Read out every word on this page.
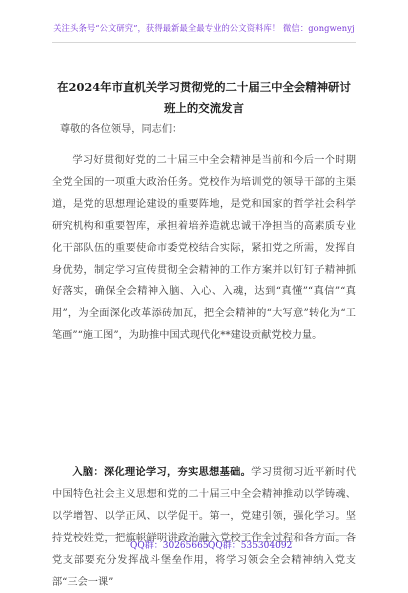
关注头条号“公文研究”，获得最新最全最专业的公文资料库！ 微信：gongwenyj
在2024年市直机关学习贯彻党的二十届三中全会精神研讨班上的交流发言
尊敬的各位领导，同志们：

学习好贯彻好党的二十届三中全会精神是当前和今后一个时期全党全国的一项重大政治任务。党校作为培训党的领导干部的主渠道，是党的思想理论建设的重要阵地，是党和国家的哲学社会科学研究机构和重要智库，承担着培养造就忠诚干净担当的高素质专业化干部队伍的重要使命市委党校结合实际，紧扣党之所需，发挥自身优势，制定学习宣传贯彻全会精神的工作方案并以钉钉子精神抓好落实，确保全会精神入脑、入心、入魂，达到“真懂”“真信”“真用”，为全面深化改革添砖加瓦，把全会精神的“大写意”转化为“工笔画”“施工图”，为助推中国式现代化**建设贡献党校力量。

入脑：深化理论学习，夯实思想基础。学习贯彻习近平新时代中国特色社会主义思想和党的二十届三中全会精神推动以学铸魂、以学增智、以学正风、以学促干。第一，党建引领，强化学习。坚持党校姓党，把旗帜鲜明讲政治融入党校工作全过程和各方面。各党支部要充分发挥战斗堡垒作用，将学习领会全会精神纳入党支部“三会一课”

QQ群：30265665 QQ群：535304092
